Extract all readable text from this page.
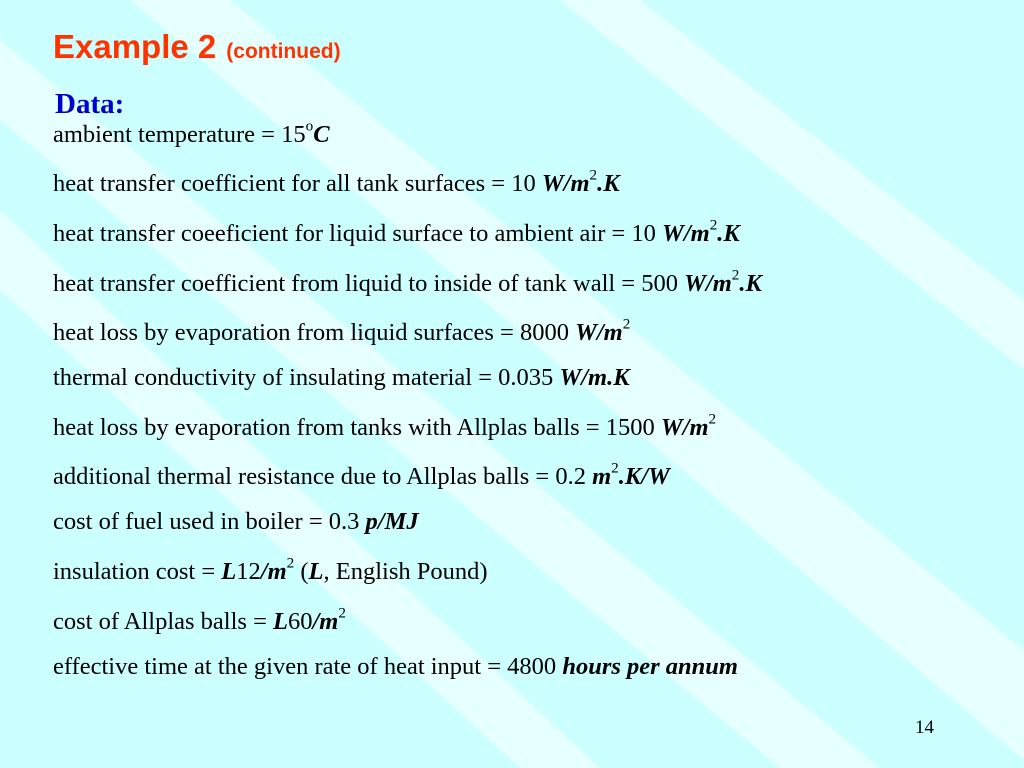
Example 2 (continued)
Data:
ambient temperature = $15^oC$
heat transfer coefficient for all tank surfaces = 10 $W/m^2.K$
heat transfer coeeficient for liquid surface to ambient air = 10 $W/m^2.K$
heat transfer coefficient from liquid to inside of tank wall = 500 $W/m^2.K$
heat loss by evaporation from liquid surfaces = 8000 $W/m^2$
thermal conductivity of insulating material = 0.035 W/m.K
heat loss by evaporation from tanks with Allplas balls = 1500 $W/m^2$
additional thermal resistance due to Allplas balls = 0.2 $m^2.K/W$
cost of fuel used in boiler = 0.3 p/MJ
insulation $\cos t = L12/m^2$ (L, English Pound)
cost of Allplas balls = $L60/m^2$
effective time at the given rate of heat input = 4800 hours per annum
14
